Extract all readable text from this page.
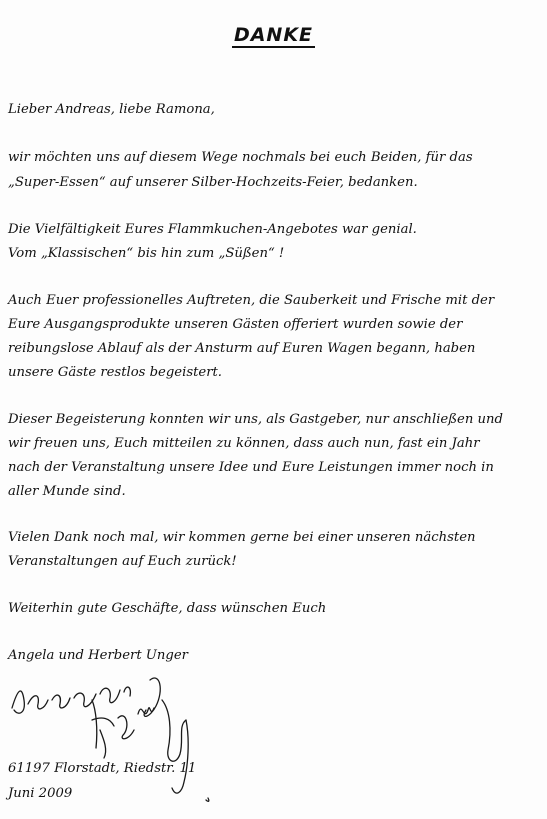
DANKE
Lieber Andreas, liebe Ramona,
wir möchten uns auf diesem Wege nochmals bei euch Beiden, für das
„Super-Essen“ auf unserer Silber-Hochzeits-Feier, bedanken.
Die Vielfältigkeit Eures Flammkuchen-Angebotes war genial.
Vom „Klassischen“ bis hin zum „Süßen“ !
Auch Euer professionelles Auftreten, die Sauberkeit und Frische mit der
Eure Ausgangsprodukte unseren Gästen offeriert wurden sowie der
reibungslose Ablauf als der Ansturm auf Euren Wagen begann, haben
unsere Gäste restlos begeistert.
Dieser Begeisterung konnten wir uns, als Gastgeber, nur anschließen und
wir freuen uns, Euch mitteilen zu können, dass auch nun, fast ein Jahr
nach der Veranstaltung unsere Idee und Eure Leistungen immer noch in
aller Munde sind.
Vielen Dank noch mal, wir kommen gerne bei einer unseren nächsten
Veranstaltungen auf Euch zurück!
Weiterhin gute Geschäfte, dass wünschen Euch
Angela und Herbert Unger
61197 Florstadt, Riedstr. 11
Juni 2009
